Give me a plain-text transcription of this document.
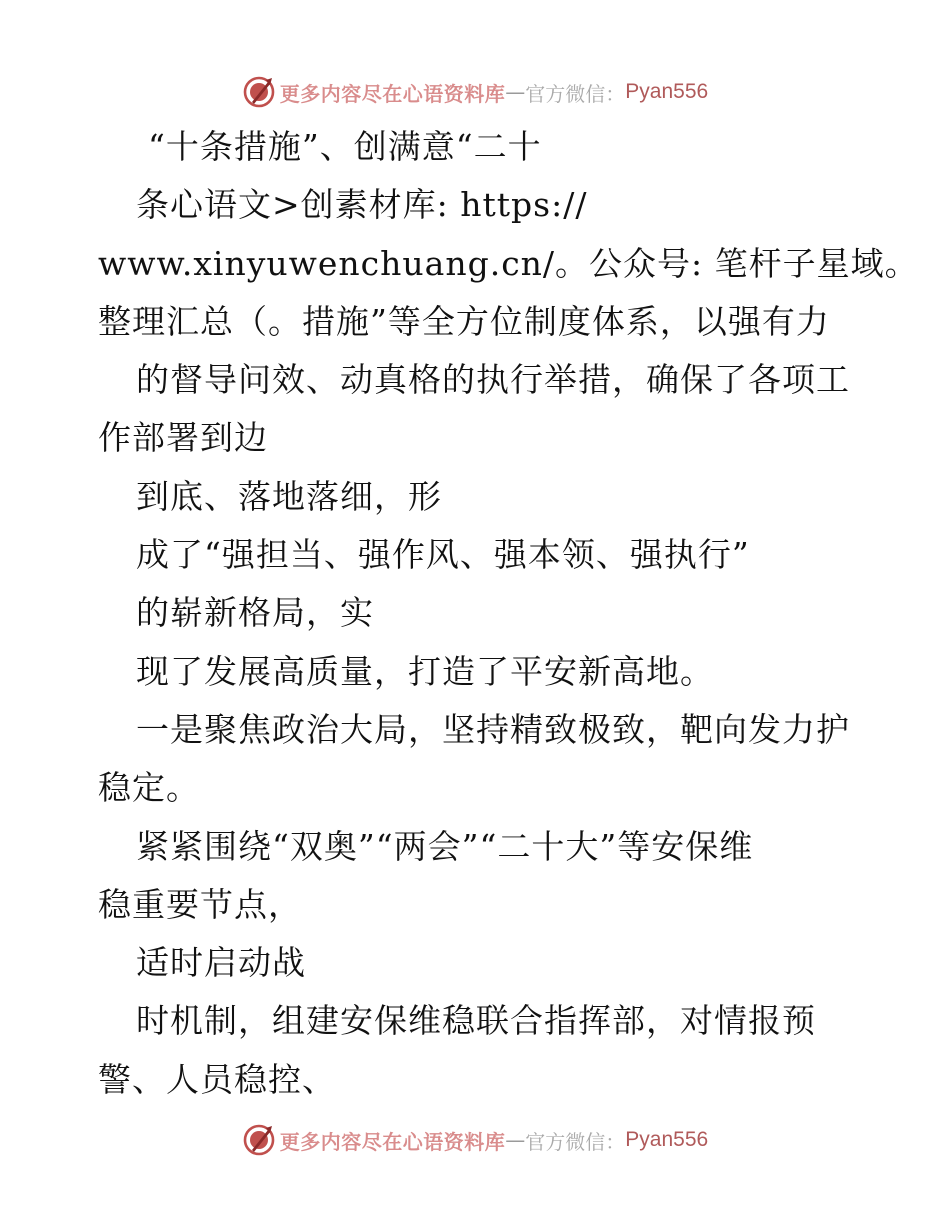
更多内容尽在心语资料库 — 官方微信： Pyan556
“十条措施”、创满意“二十
条心语文>创素材库: https://
www.xinyuwenchuang.cn/。公众号: 笔杆子星域。
整理汇总（。措施”等全方位制度体系，以强有力
的督导问效、动真格的执行举措，确保了各项工
作部署到边
到底、落地落细，形
成了“强担当、强作风、强本领、强执行”
的崭新格局，实
现了发展高质量，打造了平安新高地。
一是聚焦政治大局，坚持精致极致，靶向发力护
稳定。
紧紧围绕“双奥”“两会”“二十大”等安保维
稳重要节点，
适时启动战
时机制，组建安保维稳联合指挥部，对情报预
警、人员稳控、
更多内容尽在心语资料库 — 官方微信： Pyan556
